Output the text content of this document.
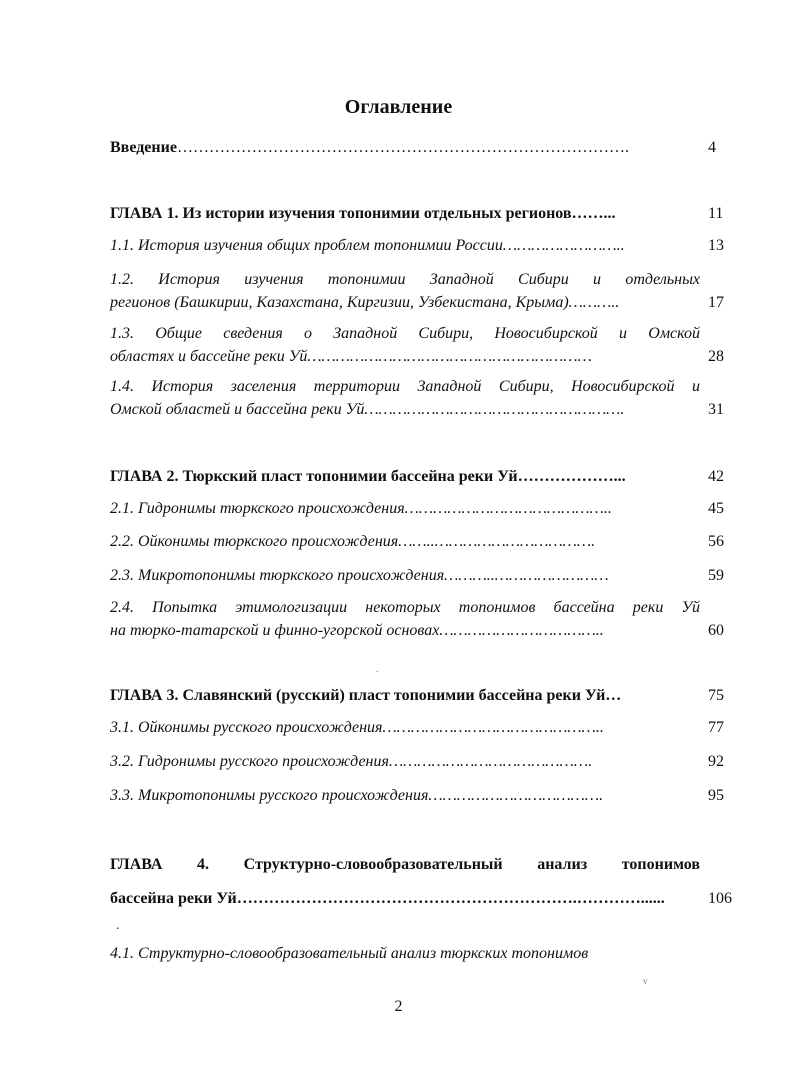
Оглавление
Введение………………………………………………………………………….	4
ГЛАВА 1. Из истории изучения топонимии отдельных регионов……...	11
1.1. История изучения общих проблем топонимии России……………………..	13
1.2. История изучения топонимии Западной Сибири и отдельных
регионов (Башкирии, Казахстана, Киргизии, Узбекистана, Крыма)………..	17
1.3. Общие сведения о Западной Сибири, Новосибирской и Омской
областях и бассейне реки Уй……………………………………………………	28
1.4. История заселения территории Западной Сибири, Новосибирской и
Омской областей и бассейна реки Уй……………………………………………….	31
ГЛАВА 2. Тюркский пласт топонимии бассейна реки Уй………………...	42
2.1. Гидронимы тюркского происхождения……………………………………..	45
2.2. Ойконимы тюркского происхождения……..…………………………….	56
2.3. Микротопонимы тюркского происхождения………..……………………	59
2.4. Попытка этимологизации некоторых топонимов бассейна реки Уй
на тюрко-татарской и финно-угорской основах……………………………..	60
.
ГЛАВА 3. Славянский (русский) пласт топонимии бассейна реки Уй…	75
3.1. Ойконимы русского происхождения………………………………………..	77
3.2. Гидронимы русского происхождения…………………………………….	92
3.3. Микротопонимы русского происхождения……………………………….	95
ГЛАВА 4. Структурно-словообразовательный анализ топонимов
бассейна реки Уй……………………………………………………….…………......	106
.
4.1. Структурно-словообразовательный анализ тюркских топонимов
v
2
